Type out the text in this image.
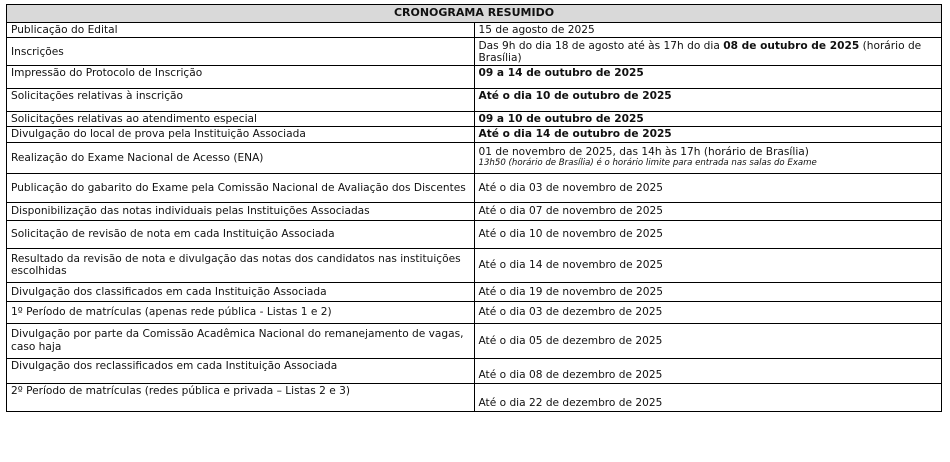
CRONOGRAMA RESUMIDO	
Publicação do Edital	15 de agosto de 2025
Inscrições	Das 9h do dia 18 de agosto até às 17h do dia 08 de outubro de 2025 (horário de Brasília)
Impressão do Protocolo de Inscrição	09 a 14 de outubro de 2025
Solicitações relativas à inscrição	Até o dia 10 de outubro de 2025
Solicitações relativas ao atendimento especial	09 a 10 de outubro de 2025
Divulgação do local de prova pela Instituição Associada	Até o dia 14 de outubro de 2025
Realização do Exame Nacional de Acesso (ENA)	01 de novembro de 2025, das 14h às 17h (horário de Brasília)
13h50 (horário de Brasília) é o horário limite para entrada nas salas do Exame

Publicação do gabarito do Exame pela Comissão Nacional de Avaliação dos Discentes	Até o dia 03 de novembro de 2025
Disponibilização das notas individuais pelas Instituições Associadas	Até o dia 07 de novembro de 2025
Solicitação de revisão de nota em cada Instituição Associada	Até o dia 10 de novembro de 2025
Resultado da revisão de nota e divulgação das notas dos candidatos nas instituições escolhidas	Até o dia 14 de novembro de 2025
Divulgação dos classificados em cada Instituição Associada	Até o dia 19 de novembro de 2025
1º Período de matrículas (apenas rede pública - Listas 1 e 2)	Até o dia 03 de dezembro de 2025
Divulgação por parte da Comissão Acadêmica Nacional do remanejamento de vagas, caso haja	Até o dia 05 de dezembro de 2025
Divulgação dos reclassificados em cada Instituição Associada	Até o dia 08 de dezembro de 2025
2º Período de matrículas (redes pública e privada – Listas 2 e 3)	Até o dia 22 de dezembro de 2025
